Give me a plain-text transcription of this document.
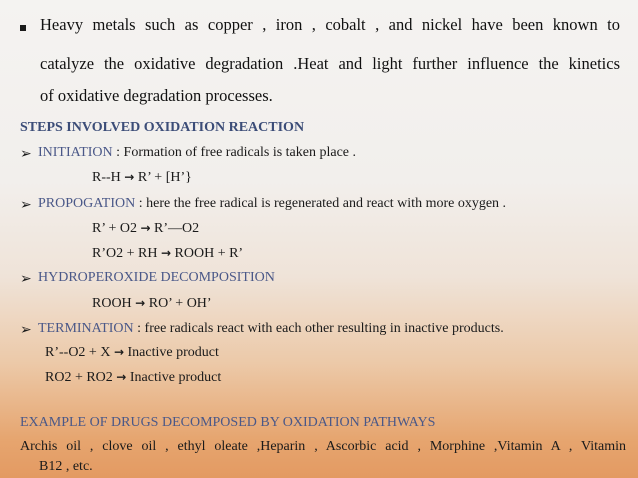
Heavy metals such as copper , iron , cobalt , and nickel have been known to
catalyze the oxidative degradation .Heat and light further influence the kinetics
of oxidative degradation processes.
STEPS INVOLVED OXIDATION REACTION
➢ INITIATION : Formation of free radicals is taken place .
R--H → R’ + [H’}
➢ PROPOGATION : here the free radical is regenerated and react with more oxygen .
R’ + O2 → R’—O2
R’O2 + RH → ROOH + R’
➢ HYDROPEROXIDE DECOMPOSITION
ROOH → RO’ + OH’
➢ TERMINATION : free radicals react with each other resulting in inactive products.
R’--O2 + X → Inactive product
RO2 + RO2 → Inactive product
EXAMPLE OF DRUGS DECOMPOSED BY OXIDATION PATHWAYS
Archis oil , clove oil , ethyl oleate ,Heparin , Ascorbic acid , Morphine ,Vitamin A , Vitamin
B12 , etc.
